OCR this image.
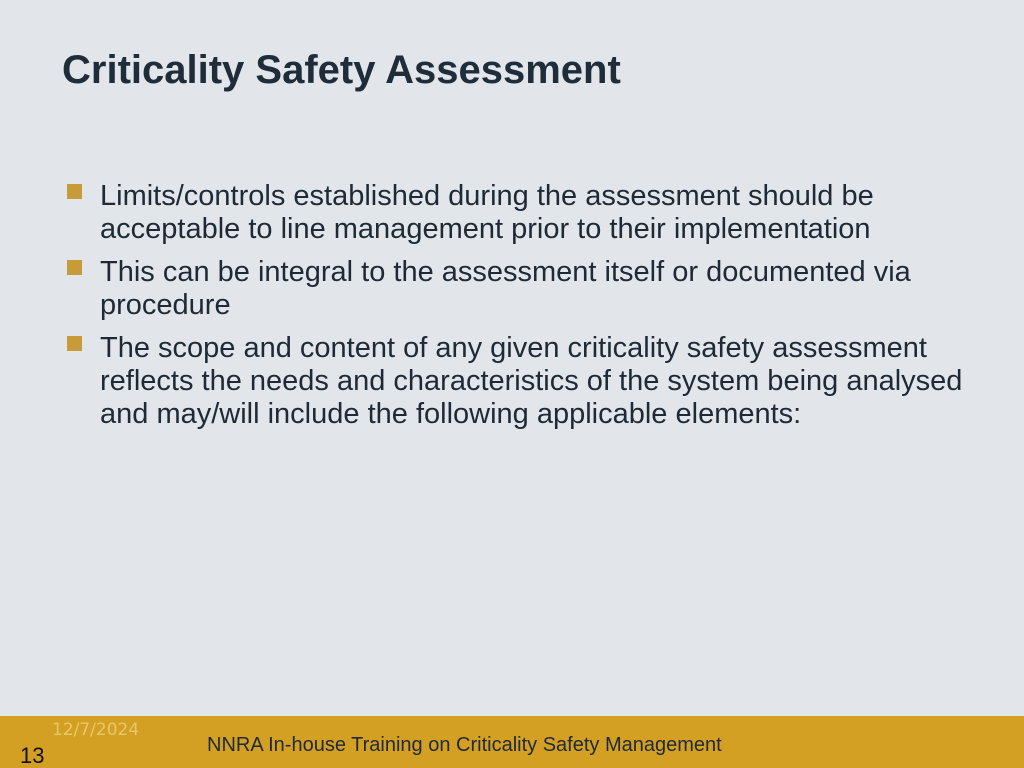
Criticality Safety Assessment
Limits/controls established during the assessment should be acceptable to line management prior to their implementation
This can be integral to the assessment itself or documented via procedure
The scope and content of any given criticality safety assessment reflects the needs and characteristics of the system being analysed and may/will include the following applicable elements:
12/7/2024
NNRA In-house Training on Criticality Safety Management
13
